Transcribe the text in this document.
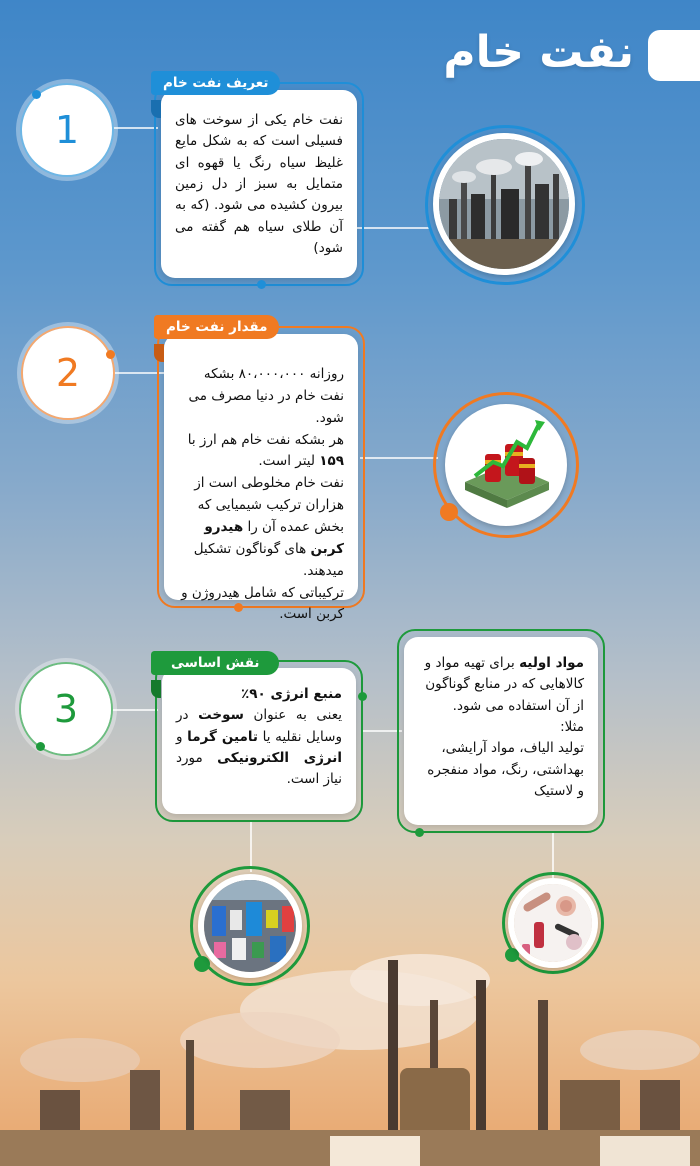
نفت خام
1	نفت خام یکی از سوخت های فسیلی است که به شکل مایع غلیظ سیاه رنگ یا قهوه ای متمایل به سبز از دل زمین بیرون کشیده می شود. (که به آن طلای سیاه هم گفته می شود)
تعریف نفت خام
2	روزانه ۸۰،۰۰۰،۰۰۰ بشکه نفت خام در دنیا مصرف می شود.
هر بشکه نفت خام هم ارز با ۱۵۹ لیتر است.
نفت خام مخلوطی است از هزاران ترکیب شیمیایی که بخش عمده آن را هیدرو کربن های گوناگون تشکیل میدهند.
ترکیباتی که شامل هیدروژن و کربن است.
مقدار نفت خام
3	منبع انرژی ۹۰٪
یعنی به عنوان سوخت در وسایل نقلیه یا تامین گرما و انرژی الکترونیکی مورد نیاز است.
نقش اساسی	مواد اولیه برای تهیه مواد و کالاهایی که در منابع گوناگون از آن استفاده می شود.
مثلا:
تولید الیاف، مواد آرایشی، بهداشتی، رنگ، مواد منفجره و لاستیک
